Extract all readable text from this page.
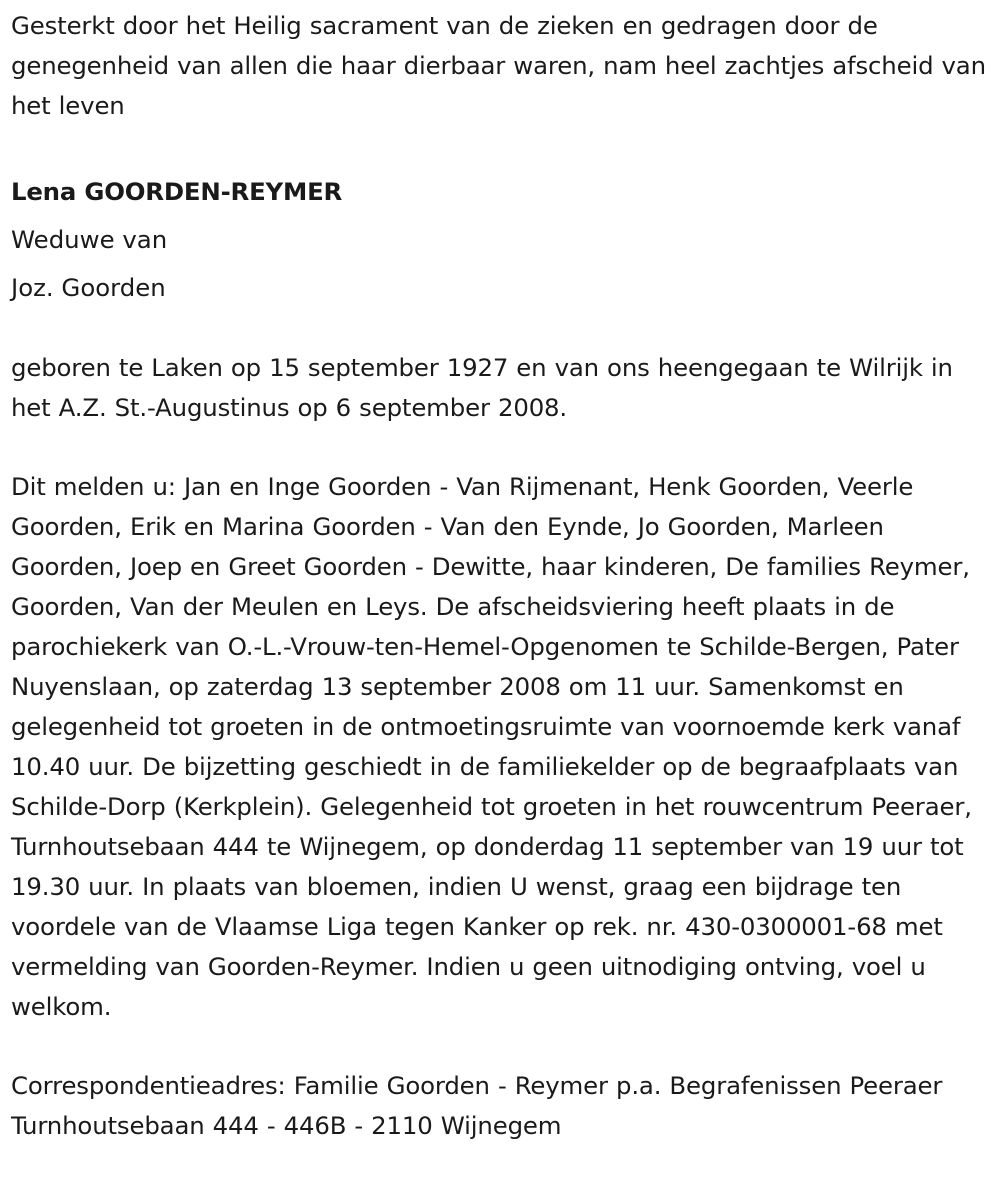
Gesterkt door het Heilig sacrament van de zieken en gedragen door de genegenheid van allen die haar dierbaar waren, nam heel zachtjes afscheid van het leven

Lena GOORDEN-REYMER

Weduwe van

Joz. Goorden

geboren te Laken op 15 september 1927 en van ons heengegaan te Wilrijk in het A.Z. St.-Augustinus op 6 september 2008.

Dit melden u: Jan en Inge Goorden - Van Rijmenant, Henk Goorden, Veerle Goorden, Erik en Marina Goorden - Van den Eynde, Jo Goorden, Marleen Goorden, Joep en Greet Goorden - Dewitte, haar kinderen, De families Reymer, Goorden, Van der Meulen en Leys. De afscheidsviering heeft plaats in de parochiekerk van O.-L.-Vrouw-ten-Hemel-Opgenomen te Schilde-Bergen, Pater Nuyenslaan, op zaterdag 13 september 2008 om 11 uur. Samenkomst en gelegenheid tot groeten in de ontmoetingsruimte van voornoemde kerk vanaf 10.40 uur. De bijzetting geschiedt in de familiekelder op de begraafplaats van Schilde-Dorp (Kerkplein). Gelegenheid tot groeten in het rouwcentrum Peeraer, Turnhoutsebaan 444 te Wijnegem, op donderdag 11 september van 19 uur tot 19.30 uur. In plaats van bloemen, indien U wenst, graag een bijdrage ten voordele van de Vlaamse Liga tegen Kanker op rek. nr. 430-0300001-68 met vermelding van Goorden-Reymer. Indien u geen uitnodiging ontving, voel u welkom.

Correspondentieadres: Familie Goorden - Reymer p.a. Begrafenissen Peeraer Turnhoutsebaan 444 - 446B - 2110 Wijnegem
